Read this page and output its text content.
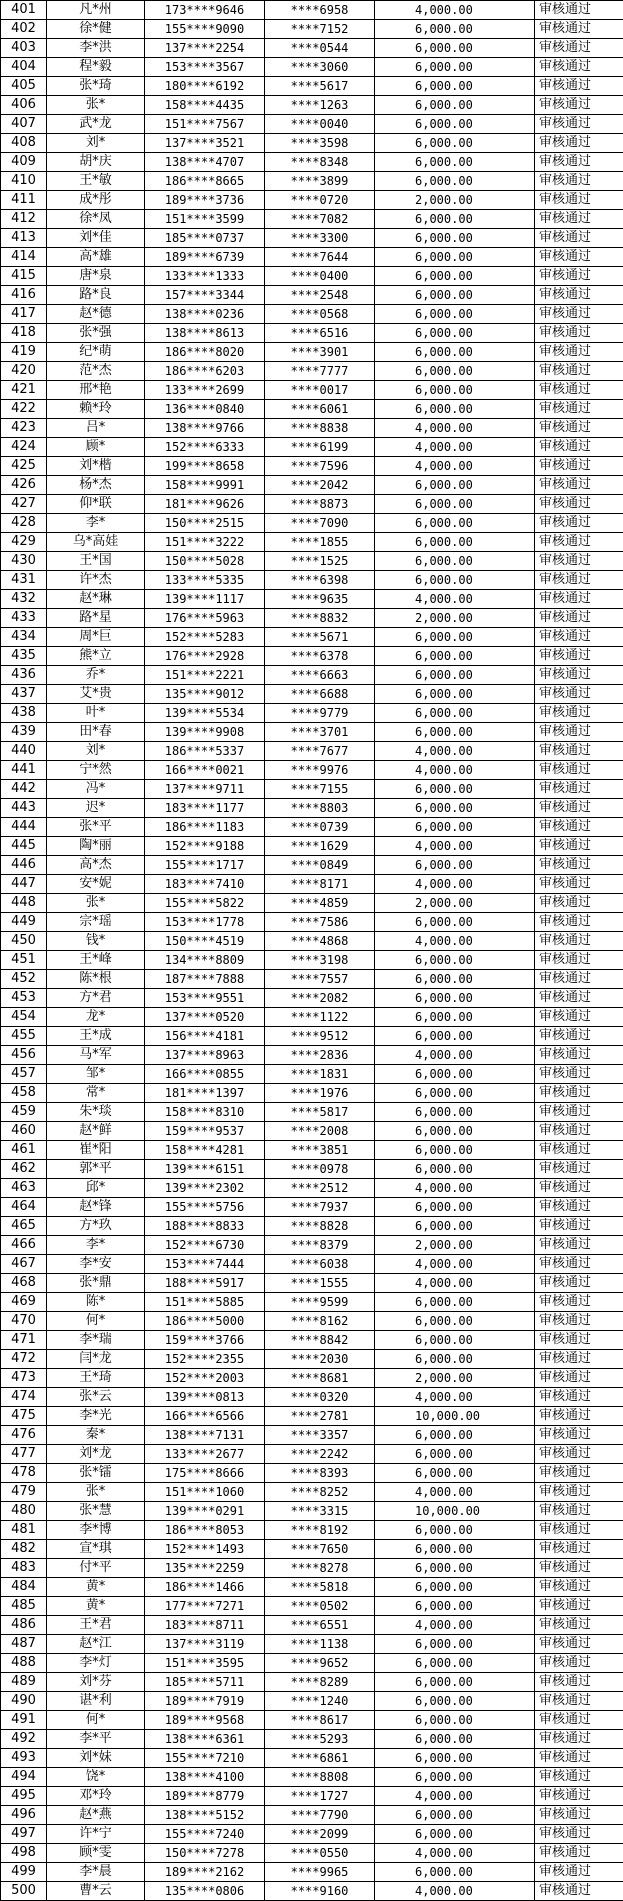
401	凡*州	173****9646	****6958	4,000.00	审核通过
402	徐*健	155****9090	****7152	6,000.00	审核通过
403	李*洪	137****2254	****0544	6,000.00	审核通过
404	程*毅	153****3567	****3060	6,000.00	审核通过
405	张*琦	180****6192	****5617	6,000.00	审核通过
406	张*	158****4435	****1263	6,000.00	审核通过
407	武*龙	151****7567	****0040	6,000.00	审核通过
408	刘*	137****3521	****3598	6,000.00	审核通过
409	胡*庆	138****4707	****8348	6,000.00	审核通过
410	王*敏	186****8665	****3899	6,000.00	审核通过
411	成*彤	189****3736	****0720	2,000.00	审核通过
412	徐*凤	151****3599	****7082	6,000.00	审核通过
413	刘*佳	185****0737	****3300	6,000.00	审核通过
414	高*雄	189****6739	****7644	6,000.00	审核通过
415	唐*泉	133****1333	****0400	6,000.00	审核通过
416	路*良	157****3344	****2548	6,000.00	审核通过
417	赵*德	138****0236	****0568	6,000.00	审核通过
418	张*强	138****8613	****6516	6,000.00	审核通过
419	纪*萌	186****8020	****3901	6,000.00	审核通过
420	范*杰	186****6203	****7777	6,000.00	审核通过
421	邢*艳	133****2699	****0017	6,000.00	审核通过
422	赖*玲	136****0840	****6061	6,000.00	审核通过
423	吕*	138****9766	****8838	4,000.00	审核通过
424	顾*	152****6333	****6199	4,000.00	审核通过
425	刘*楷	199****8658	****7596	4,000.00	审核通过
426	杨*杰	158****9991	****2042	6,000.00	审核通过
427	仰*联	181****9626	****8873	6,000.00	审核通过
428	李*	150****2515	****7090	6,000.00	审核通过
429	乌*高娃	151****3222	****1855	6,000.00	审核通过
430	王*国	150****5028	****1525	6,000.00	审核通过
431	许*杰	133****5335	****6398	6,000.00	审核通过
432	赵*琳	139****1117	****9635	4,000.00	审核通过
433	路*星	176****5963	****8832	2,000.00	审核通过
434	周*巨	152****5283	****5671	6,000.00	审核通过
435	熊*立	176****2928	****6378	6,000.00	审核通过
436	乔*	151****2221	****6663	6,000.00	审核通过
437	艾*贵	135****9012	****6688	6,000.00	审核通过
438	叶*	139****5534	****9779	6,000.00	审核通过
439	田*春	139****9908	****3701	6,000.00	审核通过
440	刘*	186****5337	****7677	4,000.00	审核通过
441	宁*然	166****0021	****9976	4,000.00	审核通过
442	冯*	137****9711	****7155	6,000.00	审核通过
443	迟*	183****1177	****8803	6,000.00	审核通过
444	张*平	186****1183	****0739	6,000.00	审核通过
445	陶*丽	152****9188	****1629	4,000.00	审核通过
446	高*杰	155****1717	****0849	6,000.00	审核通过
447	安*妮	183****7410	****8171	4,000.00	审核通过
448	张*	155****5822	****4859	2,000.00	审核通过
449	宗*瑶	153****1778	****7586	6,000.00	审核通过
450	钱*	150****4519	****4868	4,000.00	审核通过
451	王*峰	134****8809	****3198	6,000.00	审核通过
452	陈*根	187****7888	****7557	6,000.00	审核通过
453	方*君	153****9551	****2082	6,000.00	审核通过
454	龙*	137****0520	****1122	6,000.00	审核通过
455	王*成	156****4181	****9512	6,000.00	审核通过
456	马*军	137****8963	****2836	4,000.00	审核通过
457	邹*	166****0855	****1831	6,000.00	审核通过
458	常*	181****1397	****1976	6,000.00	审核通过
459	朱*琰	158****8310	****5817	6,000.00	审核通过
460	赵*鲜	159****9537	****2008	6,000.00	审核通过
461	崔*阳	158****4281	****3851	6,000.00	审核通过
462	郭*平	139****6151	****0978	6,000.00	审核通过
463	邱*	139****2302	****2512	4,000.00	审核通过
464	赵*锋	155****5756	****7937	6,000.00	审核通过
465	方*玖	188****8833	****8828	6,000.00	审核通过
466	李*	152****6730	****8379	2,000.00	审核通过
467	李*安	153****7444	****6038	4,000.00	审核通过
468	张*鼎	188****5917	****1555	4,000.00	审核通过
469	陈*	151****5885	****9599	6,000.00	审核通过
470	何*	186****5000	****8162	6,000.00	审核通过
471	李*瑞	159****3766	****8842	6,000.00	审核通过
472	闫*龙	152****2355	****2030	6,000.00	审核通过
473	王*琦	152****2003	****8681	2,000.00	审核通过
474	张*云	139****0813	****0320	4,000.00	审核通过
475	李*光	166****6566	****2781	10,000.00	审核通过
476	秦*	138****7131	****3357	6,000.00	审核通过
477	刘*龙	133****2677	****2242	6,000.00	审核通过
478	张*镭	175****8666	****8393	6,000.00	审核通过
479	张*	151****1060	****8252	4,000.00	审核通过
480	张*慧	139****0291	****3315	10,000.00	审核通过
481	李*博	186****8053	****8192	6,000.00	审核通过
482	宣*琪	152****1493	****7650	6,000.00	审核通过
483	付*平	135****2259	****8278	6,000.00	审核通过
484	黄*	186****1466	****5818	6,000.00	审核通过
485	黄*	177****7271	****0502	6,000.00	审核通过
486	王*君	183****8711	****6551	4,000.00	审核通过
487	赵*江	137****3119	****1138	6,000.00	审核通过
488	李*灯	151****3595	****9652	6,000.00	审核通过
489	刘*芬	185****5711	****8289	6,000.00	审核通过
490	谌*利	189****7919	****1240	6,000.00	审核通过
491	何*	189****9568	****8617	6,000.00	审核通过
492	李*平	138****6361	****5293	6,000.00	审核通过
493	刘*妹	155****7210	****6861	6,000.00	审核通过
494	饶*	138****4100	****8808	6,000.00	审核通过
495	邓*玲	189****8779	****1727	4,000.00	审核通过
496	赵*燕	138****5152	****7790	6,000.00	审核通过
497	许*宁	155****7240	****2099	6,000.00	审核通过
498	顾*雯	150****7278	****0550	4,000.00	审核通过
499	李*晨	189****2162	****9965	6,000.00	审核通过
500	曹*云	135****0806	****9160	4,000.00	审核通过
